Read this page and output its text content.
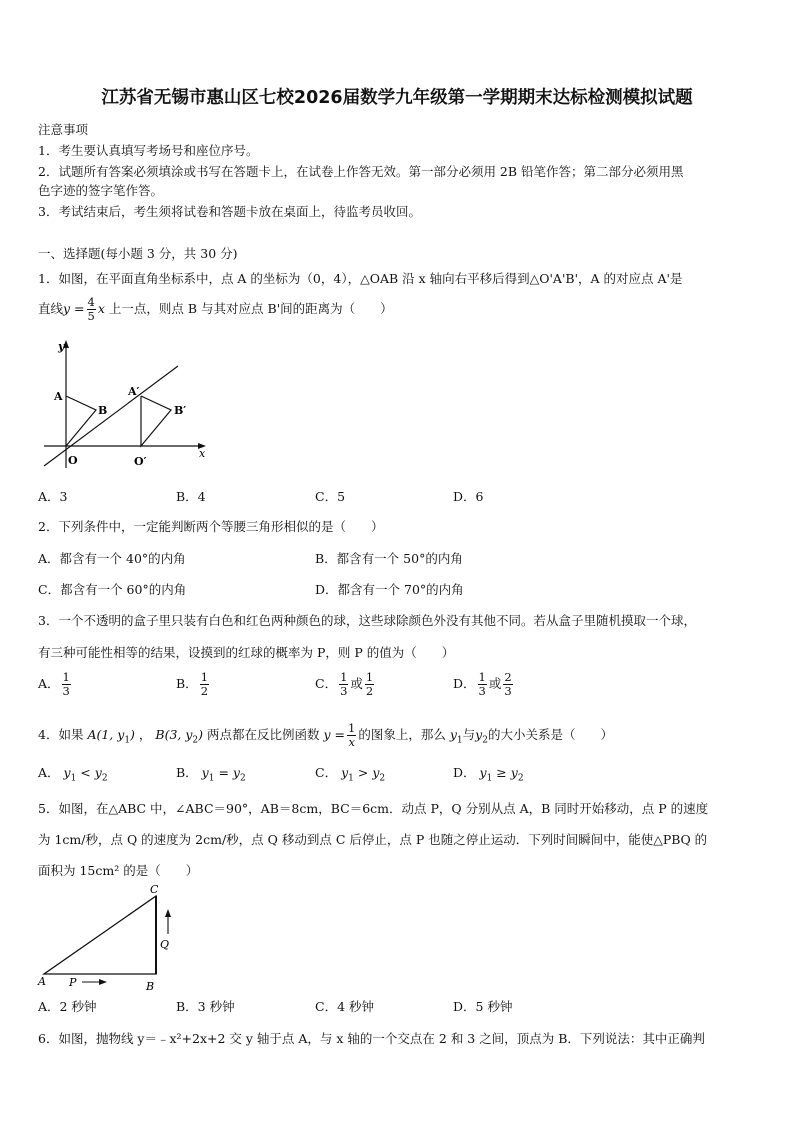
江苏省无锡市惠山区七校2026届数学九年级第一学期期末达标检测模拟试题
注意事项
1．考生要认真填写考场号和座位序号。
2．试题所有答案必须填涂或书写在答题卡上，在试卷上作答无效。第一部分必须用 2B 铅笔作答；第二部分必须用黑
色字迹的签字笔作答。
3．考试结束后，考生须将试卷和答题卡放在桌面上，待监考员收回。
一、选择题(每小题 3 分，共 30 分)
1．如图，在平面直角坐标系中，点 A 的坐标为（0，4），△OAB 沿 x 轴向右平移后得到△O'A'B'，A 的对应点 A'是
直线$y = \frac{4}{5}$ x 上一点，则点 B 与其对应点 B'间的距离为（　　）
y
x
A
B
O
A′
B′
O′
A．3	B．4	C．5	D．6
2．下列条件中，一定能判断两个等腰三角形相似的是（　　）
A．都含有一个 40°的内角	B．都含有一个 50°的内角
C．都含有一个 60°的内角	D．都含有一个 70°的内角
3．一个不透明的盒子里只装有白色和红色两种颜色的球，这些球除颜色外没有其他不同。若从盒子里随机摸取一个球，
有三种可能性相等的结果，设摸到的红球的概率为 P，则 P 的值为（　　）
A． $\frac{1}{3}$	B． $\frac{1}{2}$	C． $\frac{1}{3}$ 或 $\frac{1}{2}$	D． $\frac{1}{3}$ 或 $\frac{2}{3}$
4．如果 A(1, $y_1$) ， B(3, $y_2$) 两点都在反比例函数 $y = \frac{1}{x}$ 的图象上，那么 $y_1$与$y_2$的大小关系是（　　）
A． $y_1 < y_2$	B． $y_1 = y_2$	C． $y_1 > y_2$	D． $y_1 \ge y_2$
5．如图，在△ABC 中，∠ABC＝90°，AB＝8cm，BC＝6cm．动点 P，Q 分别从点 A，B 同时开始移动，点 P 的速度
为 1cm/秒，点 Q 的速度为 2cm/秒，点 Q 移动到点 C 后停止，点 P 也随之停止运动．下列时间瞬间中，能使△PBQ 的
面积为 15cm² 的是（　　）
C
Q
A P	B
A．2 秒钟	B．3 秒钟	C．4 秒钟	D．5 秒钟
6．如图，抛物线 y＝﹣x²+2x+2 交 y 轴于点 A，与 x 轴的一个交点在 2 和 3 之间，顶点为 B．下列说法：其中正确判
